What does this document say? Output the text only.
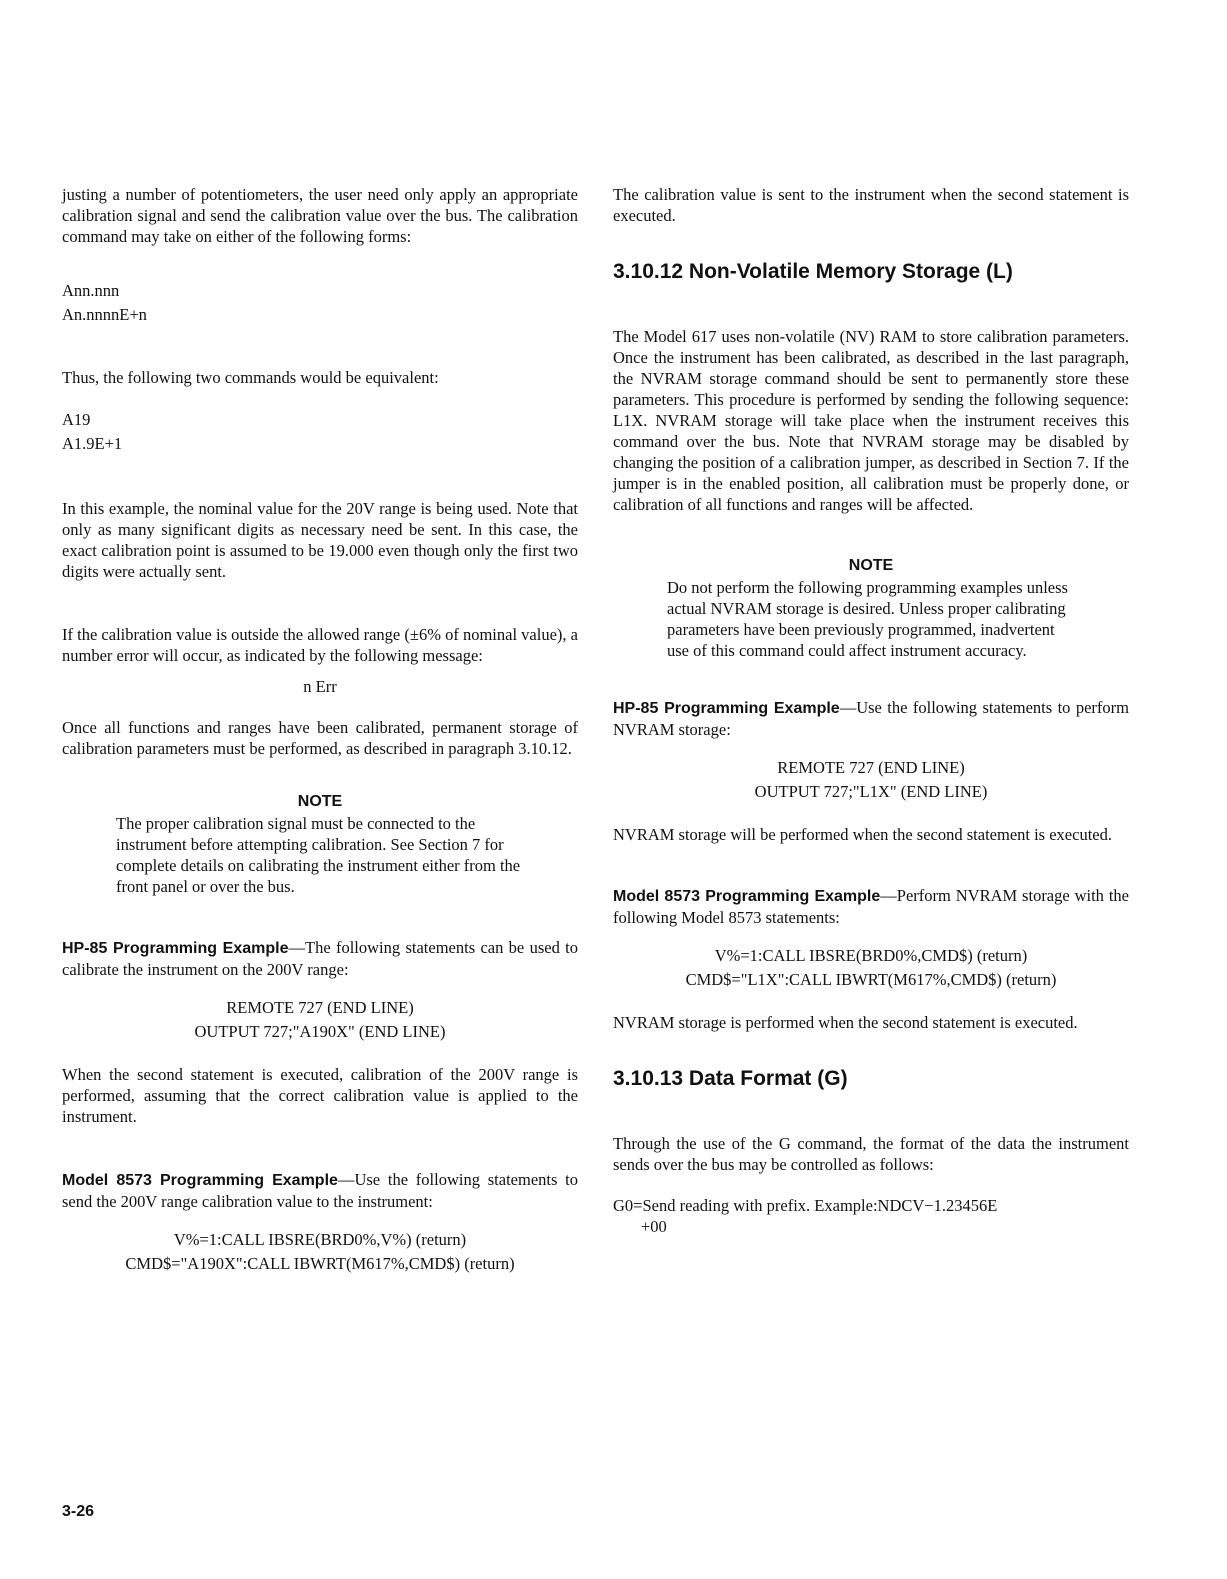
justing a number of potentiometers, the user need only apply an appropriate calibration signal and send the calibration value over the bus. The calibration command may take on either of the following forms:

Ann.nnn

An.nnnnE+n

Thus, the following two commands would be equivalent:

A19

A1.9E+1

In this example, the nominal value for the 20V range is being used. Note that only as many significant digits as necessary need be sent. In this case, the exact calibration point is assumed to be 19.000 even though only the first two digits were actually sent.

If the calibration value is outside the allowed range (±6% of nominal value), a number error will occur, as indicated by the following message:

n Err

Once all functions and ranges have been calibrated, permanent storage of calibration parameters must be performed, as described in paragraph 3.10.12.

NOTE

The proper calibration signal must be connected to the instrument before attempting calibration. See Section 7 for complete details on calibrating the instrument either from the front panel or over the bus.

HP-85 Programming Example—The following statements can be used to calibrate the instrument on the 200V range:

REMOTE 727 (END LINE)

OUTPUT 727;"A190X" (END LINE)

When the second statement is executed, calibration of the 200V range is performed, assuming that the correct calibration value is applied to the instrument.

Model 8573 Programming Example—Use the following statements to send the 200V range calibration value to the instrument:

V%=1:CALL IBSRE(BRD0%,V%) (return)

CMD$="A190X":CALL IBWRT(M617%,CMD$) (return)

The calibration value is sent to the instrument when the second statement is executed.

3.10.12 Non-Volatile Memory Storage (L)

The Model 617 uses non-volatile (NV) RAM to store calibration parameters. Once the instrument has been calibrated, as described in the last paragraph, the NVRAM storage command should be sent to permanently store these parameters. This procedure is performed by sending the following sequence: L1X. NVRAM storage will take place when the instrument receives this command over the bus. Note that NVRAM storage may be disabled by changing the position of a calibration jumper, as described in Section 7. If the jumper is in the enabled position, all calibration must be properly done, or calibration of all functions and ranges will be affected.

NOTE

Do not perform the following programming examples unless actual NVRAM storage is desired. Unless proper calibrating parameters have been previously programmed, inadvertent use of this command could affect instrument accuracy.

HP-85 Programming Example—Use the following statements to perform NVRAM storage:

REMOTE 727 (END LINE)

OUTPUT 727;"L1X" (END LINE)

NVRAM storage will be performed when the second statement is executed.

Model 8573 Programming Example—Perform NVRAM storage with the following Model 8573 statements:

V%=1:CALL IBSRE(BRD0%,CMD$) (return)

CMD$="L1X":CALL IBWRT(M617%,CMD$) (return)

NVRAM storage is performed when the second statement is executed.

3.10.13 Data Format (G)

Through the use of the G command, the format of the data the instrument sends over the bus may be controlled as follows:

G0=Send reading with prefix. Example:NDCV−1.23456E

+00

3-26
